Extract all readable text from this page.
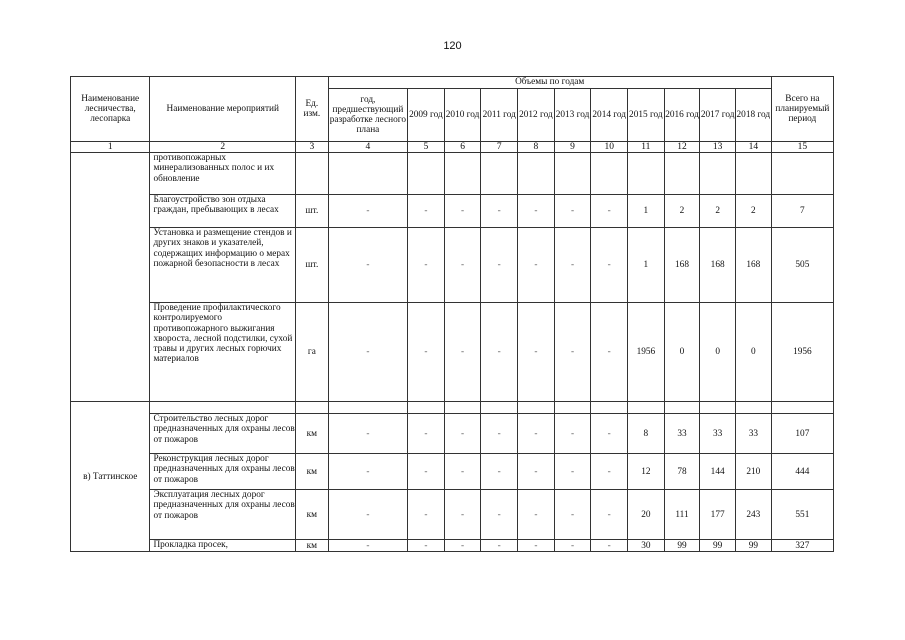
120
Наименование лесничества, лесопарка	Наименование мероприятий	Ед. изм.	Объемы по годам											Всего на планируемый период
			год, предшествующий разработке лесного плана	2009 год	2010 год	2011 год	2012 год	2013 год	2014 год	2015 год	2016 год	2017 год	2018 год	
1	2	3	4	5	6	7	8	9	10	11	12	13	14	15
	противопожарных минерализованных полос и их обновление													
	Благоустройство зон отдыха граждан, пребывающих в лесах	шт.	-	-	-	-	-	-	-	1	2	2	2	7
	Установка и размещение стендов и других знаков и указателей, содержащих информацию о мерах пожарной безопасности в лесах	шт.	-	-	-	-	-	-	-	1	168	168	168	505
	Проведение профилактического контролируемого противопожарного выжигания хвороста, лесной подстилки, сухой травы и других лесных горючих материалов	га	-	-	-	-	-	-	-	1956	0	0	0	1956
в) Таттинское														
	Строительство лесных дорог предназначенных для охраны лесов от пожаров	км	-	-	-	-	-	-	-	8	33	33	33	107
	Реконструкция лесных дорог предназначенных для охраны лесов от пожаров	км	-	-	-	-	-	-	-	12	78	144	210	444
	Эксплуатация лесных дорог предназначенных для охраны лесов от пожаров	км	-	-	-	-	-	-	-	20	111	177	243	551
	Прокладка просек,	км	-	-	-	-	-	-	-	30	99	99	99	327
